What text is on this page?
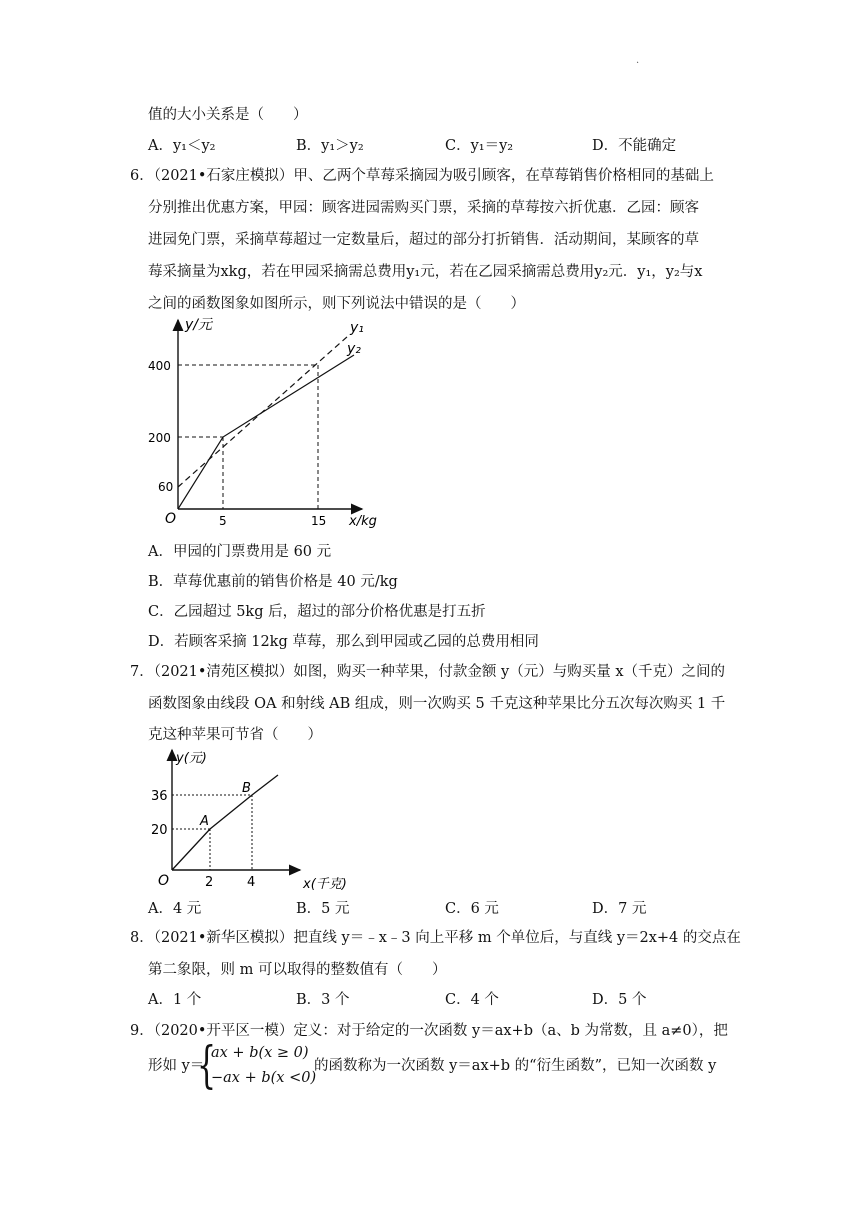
·
值的大小关系是（　　）
A．y₁＜y₂	B．y₁＞y₂	C．y₁＝y₂	D．不能确定
6．（2021•石家庄模拟）甲、乙两个草莓采摘园为吸引顾客，在草莓销售价格相同的基础上
分别推出优惠方案，甲园：顾客进园需购买门票，采摘的草莓按六折优惠．乙园：顾客
进园免门票，采摘草莓超过一定数量后，超过的部分打折销售．活动期间，某顾客的草
莓采摘量为xkg，若在甲园采摘需总费用y₁元，若在乙园采摘需总费用y₂元．y₁，y₂与x
之间的函数图象如图所示，则下列说法中错误的是（　　）
y/元
x/kg
O
y₁
y₂
400
200
60
5	15
A．甲园的门票费用是 60 元
B．草莓优惠前的销售价格是 40 元/kg
C．乙园超过 5kg 后，超过的部分价格优惠是打五折
D．若顾客采摘 12kg 草莓，那么到甲园或乙园的总费用相同
7．（2021•清苑区模拟）如图，购买一种苹果，付款金额 y（元）与购买量 x（千克）之间的
函数图象由线段 OA 和射线 AB 组成，则一次购买 5 千克这种苹果比分五次每次购买 1 千
克这种苹果可节省（　　）
y(元)
x(千克)
O
A
B
36
20
2	4
A．4 元	B．5 元	C．6 元	D．7 元
8．（2021•新华区模拟）把直线 y＝﹣x﹣3 向上平移 m 个单位后，与直线 y＝2x+4 的交点在
第二象限，则 m 可以取得的整数值有（　　）
A．1 个	B．3 个	C．4 个	D．5 个
9．（2020•开平区一模）定义：对于给定的一次函数 y＝ax+b（a、b 为常数，且 a≠0），把
形如 y＝
{
ax + b(x ≥ 0)
−ax + b(x <0)
的函数称为一次函数 y＝ax+b 的“衍生函数”，已知一次函数 y
